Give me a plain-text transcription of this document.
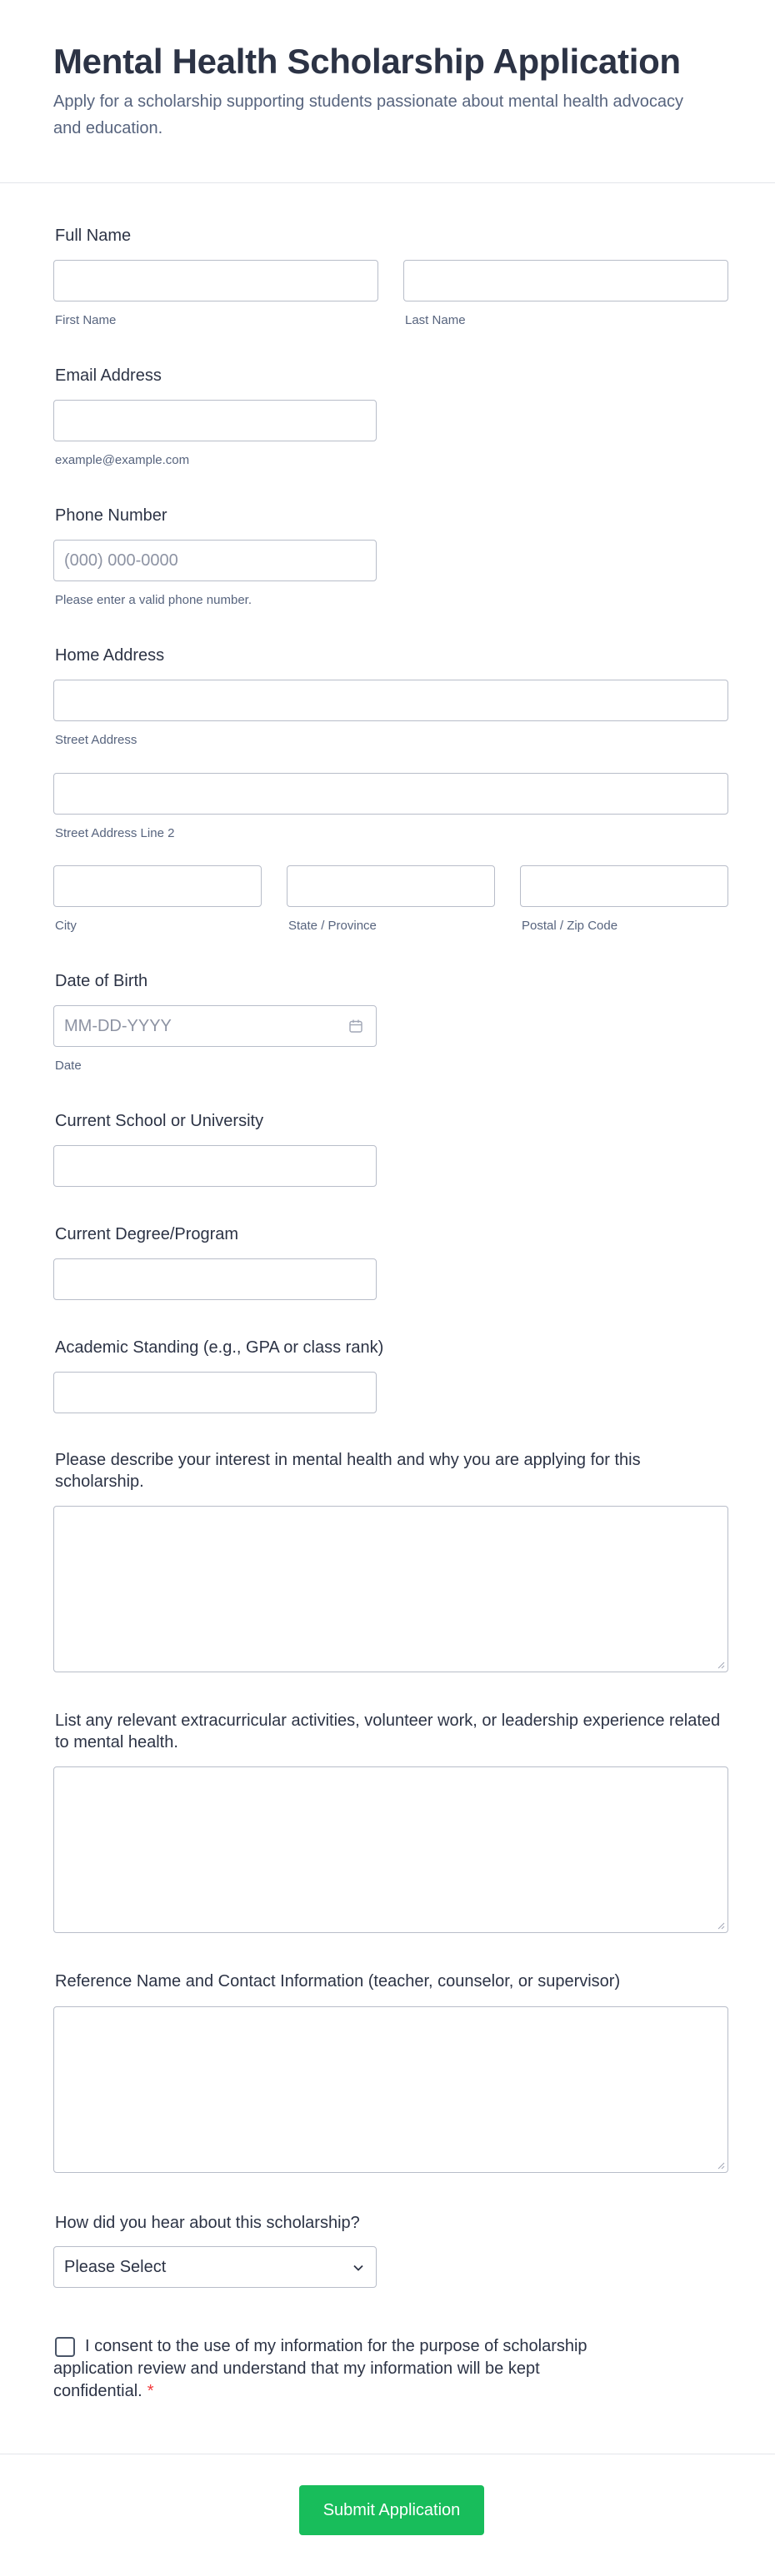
Mental Health Scholarship Application

Apply for a scholarship supporting students passionate about mental health advocacy and education.

Full Name
First Name	Last Name
Email Address
example@example.com
Phone Number
(000) 000-0000
Please enter a valid phone number.
Home Address
Street Address
Street Address Line 2
City	State / Province	Postal / Zip Code
Date of Birth
MM-DD-YYYY
Date
Current School or University
Current Degree/Program
Academic Standing (e.g., GPA or class rank)
Please describe your interest in mental health and why you are applying for this scholarship.
List any relevant extracurricular activities, volunteer work, or leadership experience related to mental health.
Reference Name and Contact Information (teacher, counselor, or supervisor)
How did you hear about this scholarship?
Please Select

I consent to the use of my information for the purpose of scholarship application review and understand that my information will be kept confidential. *

Submit Application
